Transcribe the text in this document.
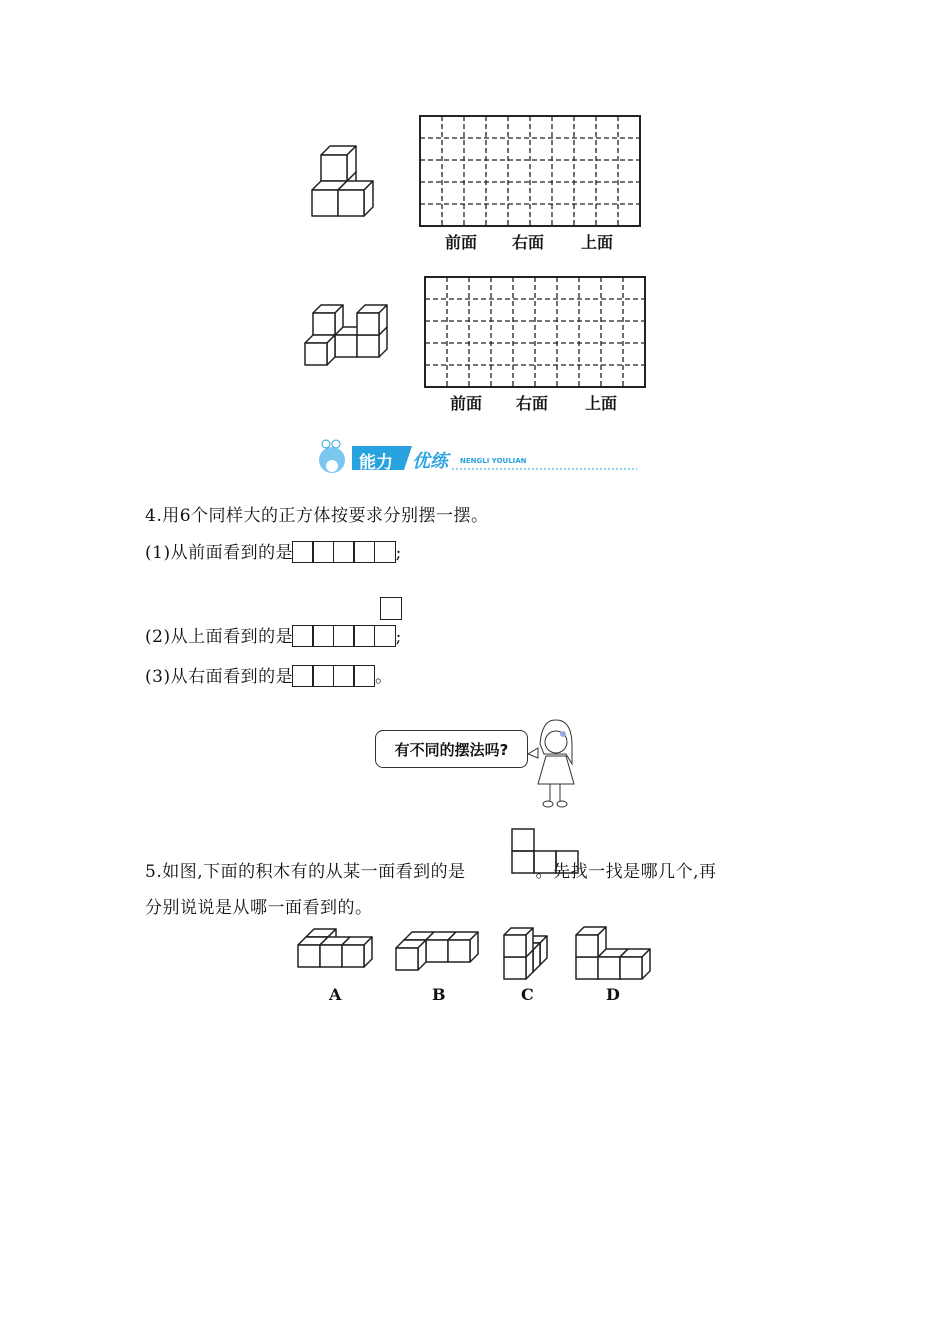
前面 右面 上面
前面 右面 上面
能力 优练 NENGLI YOULIAN
4.用6个同样大的正方体按要求分别摆一摆。
(1)从前面看到的是	;
(2)从上面看到的是	;
(3)从右面看到的是	。
有不同的摆法吗?
5.如图,下面的积木有的从某一面看到的是	。先找一找是哪几个,再
分别说说是从哪一面看到的。
A	B	C	D
